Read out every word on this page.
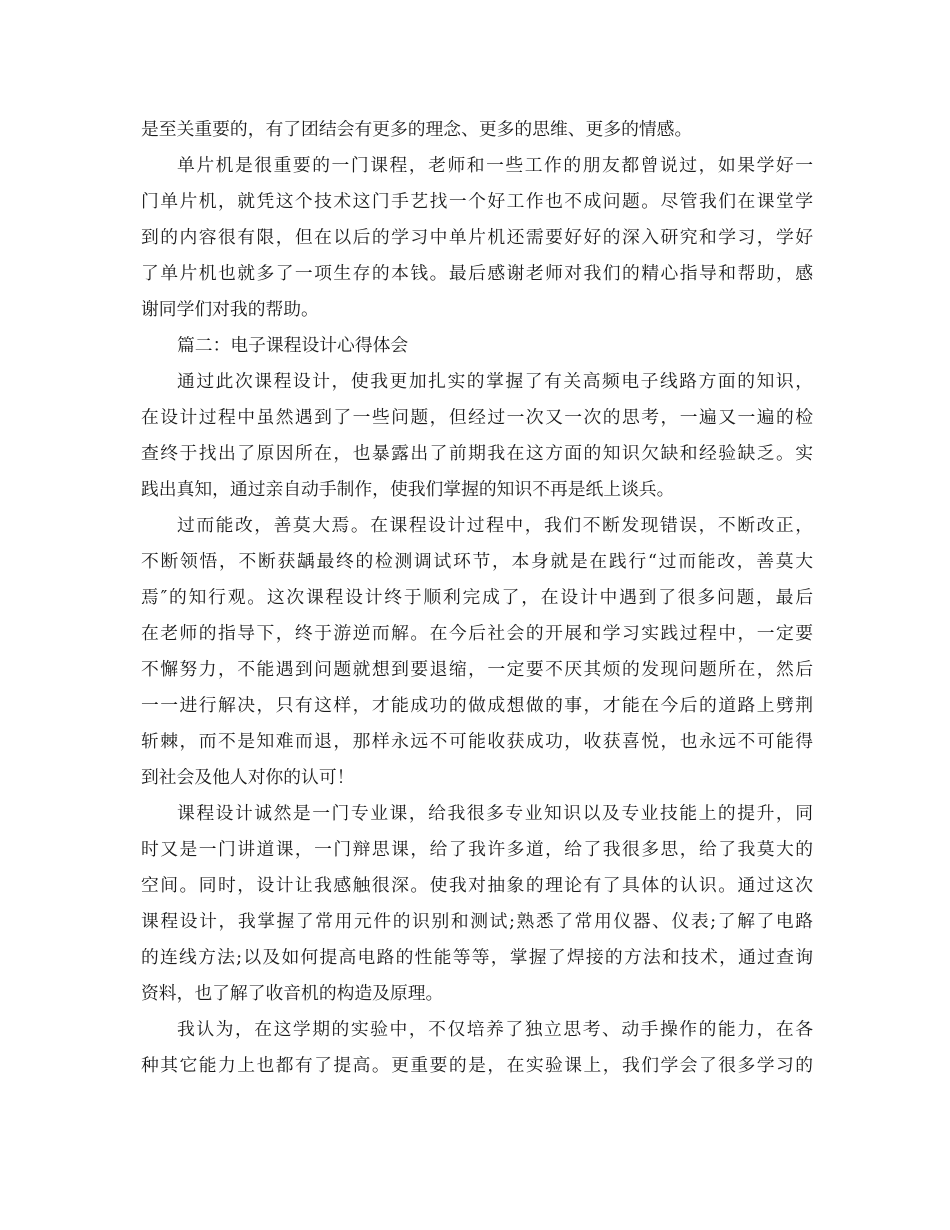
是至关重要的，有了团结会有更多的理念、更多的思维、更多的情感。
单片机是很重要的一门课程，老师和一些工作的朋友都曾说过，如果学好一
门单片机，就凭这个技术这门手艺找一个好工作也不成问题。尽管我们在课堂学
到的内容很有限，但在以后的学习中单片机还需要好好的深入研究和学习，学好
了单片机也就多了一项生存的本钱。最后感谢老师对我们的精心指导和帮助，感
谢同学们对我的帮助。
篇二：电子课程设计心得体会
通过此次课程设计，使我更加扎实的掌握了有关高频电子线路方面的知识，
在设计过程中虽然遇到了一些问题，但经过一次又一次的思考，一遍又一遍的检
查终于找出了原因所在，也暴露出了前期我在这方面的知识欠缺和经验缺乏。实
践出真知，通过亲自动手制作，使我们掌握的知识不再是纸上谈兵。
过而能改，善莫大焉。在课程设计过程中，我们不断发现错误，不断改正，
不断领悟，不断获龋最终的检测调试环节，本身就是在践行“过而能改，善莫大
焉″的知行观。这次课程设计终于顺利完成了，在设计中遇到了很多问题，最后
在老师的指导下，终于游逆而解。在今后社会的开展和学习实践过程中，一定要
不懈努力，不能遇到问题就想到要退缩，一定要不厌其烦的发现问题所在，然后
一一进行解决，只有这样，才能成功的做成想做的事，才能在今后的道路上劈荆
斩棘，而不是知难而退，那样永远不可能收获成功，收获喜悦，也永远不可能得
到社会及他人对你的认可！
课程设计诚然是一门专业课，给我很多专业知识以及专业技能上的提升，同
时又是一门讲道课，一门辩思课，给了我许多道，给了我很多思，给了我莫大的
空间。同时，设计让我感触很深。使我对抽象的理论有了具体的认识。通过这次
课程设计，我掌握了常用元件的识别和测试;熟悉了常用仪器、仪表;了解了电路
的连线方法;以及如何提高电路的性能等等，掌握了焊接的方法和技术，通过查询
资料，也了解了收音机的构造及原理。
我认为，在这学期的实验中，不仅培养了独立思考、动手操作的能力，在各
种其它能力上也都有了提高。更重要的是，在实验课上，我们学会了很多学习的
